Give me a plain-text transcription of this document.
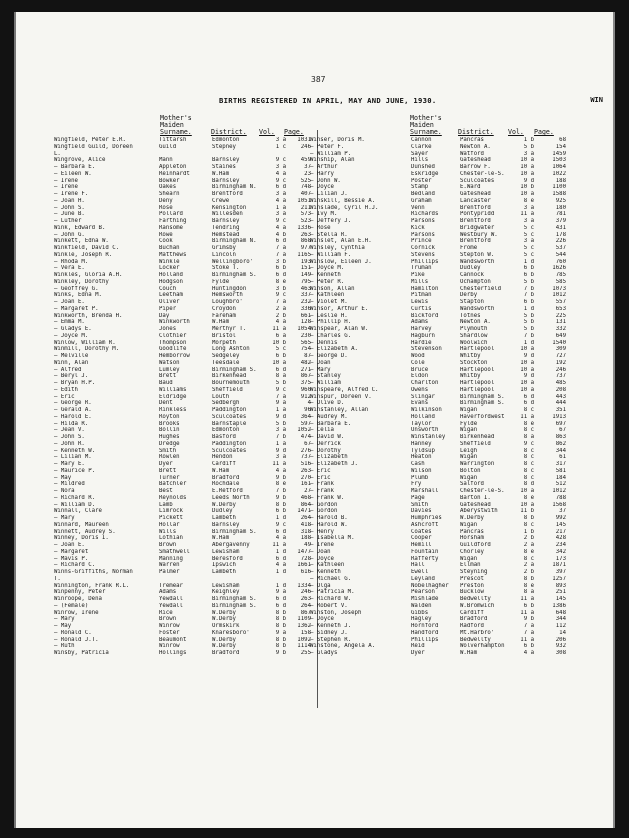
387
BIRTHS REGISTERED IN APRIL, MAY AND JUNE, 1930.	WIN
Mother's
Maiden
Surname.	District. Vol. Page.
Mother's
Maiden
Surname. District. Vol. Page.
Wingfield, Peter E.R.	Tittarsh	Edmonton	3 a	1031
Wingfield Guild, Doreen	Guild	Stepney	1 c	246
L.
Wingrove, Alice	Mann	Barnsley	9 c	459
— Barbara E.	Appleton	Staines	3 a	37
— Eileen W.	Reinhardt	W.Ham	4 a	23
— Irene	Bowker	Barnsley	9 c	525
— Irene	Oakes	Birmingham N.	6 d	748
— Irene F.	Shearn	Brentford	3 a	407
— Joan H.	Deny	Crewe	4 a	1051
— John S.	Rose	Kensington	1 a	211
— June B.	Pollard	Willesden	3 a	573
— Luther	Farthing	Barnsley	9 c	523
Wink, Edward B.	Ransome	Tendring	4 a	1336
— John G.	Rowe	Hemstead	4 b	263
Winkett, Edna W.	Cook	Birmingham N.	6 d	868
Winkfield, David C.	Buchan	Grimsby	7 a	977
Winkle, Joseph R.	Matthews	Lincoln	7 a	1165
— Rhoda M.	Winkle	Wellingboro'	3 b	193
— Vera E.	Locker	Stoke T.	6 b	151
Winkles, Gloria A.H.	Holland	Birmingham S.	6 d	149
Winkley, Dorothy	Hodgson	Fylde	8 e	795
— Geoffrey G.	Couch	Huntingdon	3 b	463
Winks, Edna M.	Leetham	Hemsworth	9 c	337
— Joan E.	Oliver	Loughbro'	7 a	232
— Margaret P.	Piper	Croydon	2 a	336
Winkworth, Brenda H.	Day	Fareham	2 b	661
— Emma M.	Winkworth	W.Ham	4 a	128
— Gladys E.	Jones	Merthyr T.	11 a	1054
— Joyce M.	Clothier	Bristol	6 a	230
Winlow, William R.	Thompson	Morpeth	10 b	565
Winmill, Dorothy M.	Goodlife	Long Ashton	5 c	754
— Melville	Hemborrow	Sedgeley	6 b	87
Winn, Alan	Watson	Teesdale	10 a	482
— Alfred	Lumley	Birmingham S.	6 d	271
— Beryl J.	Brett	Birkenhead	8 a	867
— Bryan H.P.	Baud	Bournemouth	5 b	375
— Edith	Williams	Sheffield	9 c	960
— Eric	Eldridge	Louth	7 a	912
— George R.	Dent	Sedbergh	9 a	4
— Gerald A.	Rinkless	Paddington	1 a	96
— Harold E.	Royton	Sculcoates	9 d	364
— Hilda R.	Brooks	Barnstaple	5 b	597
— Jean V.	Bollin	Edmonton	3 a	1052
— John S.	Hughes	Basford	7 b	474
— John R.	Dredge	Paddington	1 a	67
— Kenneth W.	Smith	Sculcoates	9 d	276
— Lilian M.	Rowlen	Hendon	3 a	737
— Mary E.	Dyer	Cardiff	11 a	516
— Maurice P.	Brett	W.Ham	4 a	263
— May	Turner	Bradford	9 b	270
— Mildred	Batchler	Rochdale	8 e	161
— Nora	Best	E.Retford	7 b	27
— Richard R.	Reynolds	Leeds North	9 b	468
— William D.	Lamb	W.Derby	8 b	864
Winnall, Clare	Limrock	Dudley	6 b	1471
— Mary	Pickett	Lambeth	1 d	264
Winnard, Maureen	Hollar	Barnsley	9 c	418
Winnett, Audrey S.	Wills	Birmingham S.	6 d	318
Winney, Doris I.	Lothian	W.Ham	4 a	188
— Joan E.	Brown	Abergavenny	11 a	49
— Margaret	Smathwell	Lewisham	1 d	1477
— Mavis P.	Manning	Beresford	6 d	728
— Richard C.	Warren	Ipswich	4 a	1661
Winns-Griffiths, Norman	Palmer	Lambeth	1 d	616
T.
Winnington, Frank R.L.	Tremear	Lewisham	1 d	1334
Winpenny, Peter	Adams	Keighley	9 a	246
Winroope, Dena	Yewdall	Birmingham S.	6 d	263
— (Female)	Yewdall	Birmingham S.	6 d	264
Winrow, Irene	Rice	W.Derby	8 b	867
— Mary	Brown	W.Derby	8 b	1109
— May	Winrow	Ormskirk	8 b	1362
— Ronald C.	Foster	Knaresboro'	9 a	158
— Ronald J.T.	Beaumont	W.Derby	8 b	1092
— Ruth	Winrow	W.Derby	8 b	1114
Winsby, Patricia	Hollings	Bradford	9 b	255
Winser, Doris M.	Cannon	Pancras	1 b	68
— Peter F.	Clarke	Newton A.	5 b	154
— William P.	Sayer	Watford	3 a	1459
Winship, Alan	Hills	Gateshead	10 a	1503
— Arthur	Dunshed	Barrow F.	10 a	1064
— Harry	Eskridge	Chester-le-S.	10 a	1022
— John W.	Poster	Sculcoates	9 d	188
— Joyce	Stamp	E.Ward	10 b	1100
— Lilian J.	Bedland	Gateshead	10 a	1588
Winskill, Bessie A.	Graham	Lancaster	8 e	925
Winslade, Cyril H.J.	Venn	Brentford	3 a	180
— Ivy M.	Richards	Pontypridd	11 a	781
— Jeffery J.	Parsons	Brentford	3 a	379
— Rose	Kick	Bridgwater	5 c	431
— Stella R.	Parsons	Westbury W.	5 c	178
Winslet, Alan E.H.	Prince	Brentford	3 a	226
Winsley, Cynthia	Cornick	Frome	5 c	537
— William F.	Stevens	Stepton W.	5 c	544
Winslow, Eileen J.	Phillips	Wandsworth	1 d	760
— Joyce M.	Truman	Dudley	6 b	1626
— Kenneth	Pike	Cannock	6 b	785
— Peter R.	Mills	Ochampton	5 b	585
Winson, Allan	Hamilton	Chesterfield	7 b	1073
— Kathleen	Pitman	Derby	7 b	1012
— Violet M.	Lewis	Stapton	6 b	557
Winsor, Arthur E.	Curtis	Wandsworth	1 d	653
— Leslie H.	Bickford	Totnes	5 b	225
— Phillip H.	Adams	Newton A.	5 b	131
Winspear, Alan W.	Harvey	Plymouth	5 b	332
— Charles G.	Hagburn	Shardlow	7 b	649
— Dennis	Hardie	Woolwich	1 d	1540
— Elizabeth A.	Stevenson	Hartlepool	10 a	309
— George D.	Wood	Whitby	9 d	727
— Joan	Cole	Stockton	10 a	192
— Mary	Bruce	Hartlepool	10 a	246
— Stanley	Eldon	Whitby	9 d	737
— William	Charlton	Hartlepool	10 a	485
Winspeare, Alfred C.	Owens	Hartlepool	10 a	208
Winspur, Doreen V.	Slingar	Birmingham S.	6 d	443
— Olive D.	Evans	Birmingham S.	6 d	444
Winstanley, Allan	Wilkinson	Wigan	8 c	351
— Audrey M.	Holland	Haverfordwest	11 a	1913
— Barbara E.	Taylor	Fylde	8 e	697
— Celia	Unsworth	Wigan	8 c	67
— David W.	Winstanley	Birkenhead	8 a	863
— Derrick	Hanney	Sheffield	9 c	862
— Dorothy	Tyldsup	Leigh	8 c	344
— Elizabeth	Heaton	Wigan	8 c	61
— Elizabeth J.	Cash	Warrington	8 c	317
— Eric	Wilson	Bolton	8 c	581
— Eric	Plumb	Wigan	8 c	184
— Frank	Fry	Salford	8 d	512
— Frank	Marshall	Chester-le-S.	10 a	1012
— Frank W.	Page	Barton I.	8 e	788
— Gordon	Smith	Gateshead	10 a	1568
— Gordon	Davies	Aberystwith	11 b	37
— Harold B.	Humphries	W.Derby	8 b	992
— Harold W.	Ashcroft	Wigan	8 c	145
— Henry	Coates	Pancras	1 b	217
— Isabella M.	Cooper	Horsham	2 b	428
— Irene	Hemill	Guildford	2 a	234
— Joan	Fountain	Chorley	8 e	342
— Joyce	Rafferty	Wigan	8 c	173
— Kathleen	Hall	Ellman	2 a	1871
— Kenneth	Ewell	Steyning	2 b	397
— Michael G.	Leyland	Prescot	8 b	1257
— Olga	Nobelhagher	Preston	8 e	893
— Patricia M.	Pearson	Bucklow	8 a	251
— Richard W.	Mishlade	Bedwellty	11 a	145
— Robert V.	Walden	W.Bromwich	6 b	1386
Winston, Joseph	Gibbs	Cardiff	11 a	648
— Joyce	Hagley	Bradford	9 b	344
— Kenneth J.	Hornford	Radford	7 a	112
— Sidney J.	Handford	Mt.Harbro'	7 a	14
— Stephen R.	Phillips	Bedwellty	11 a	206
Winstone, Angela A.	Reid	Wolverhampton	6 b	932
— Gladys	Dyer	W.Ham	4 a	308
